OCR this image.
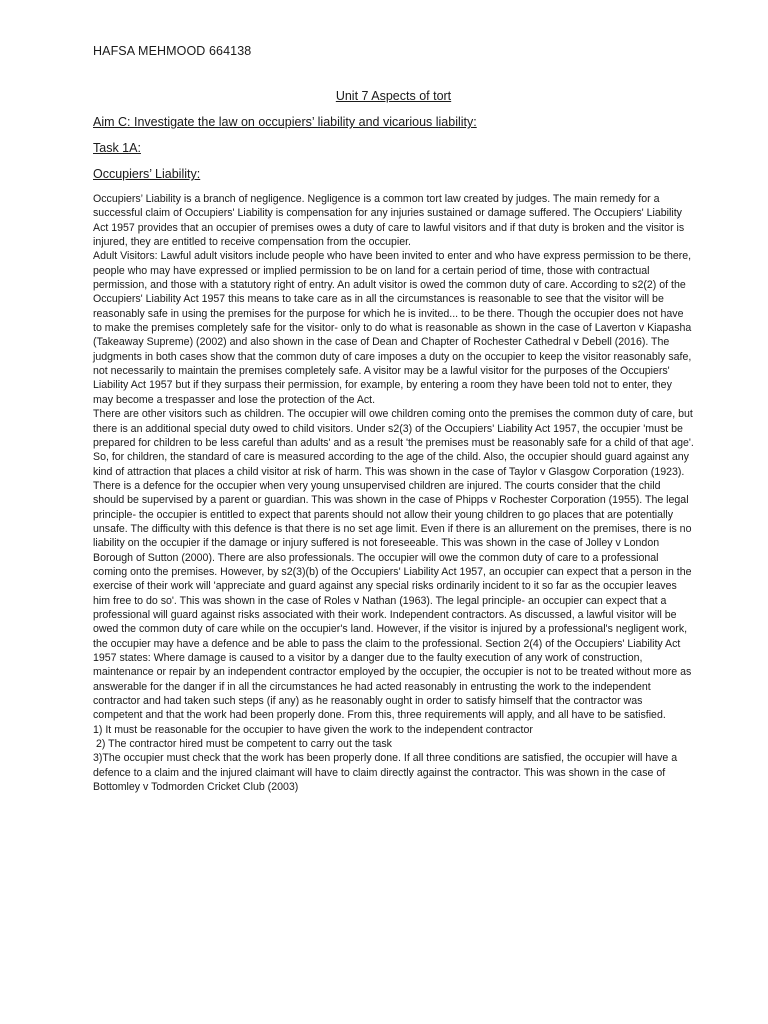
HAFSA MEHMOOD 664138

Unit 7 Aspects of tort

Aim C: Investigate the law on occupiers’ liability and vicarious liability:

Task 1A:

Occupiers’ Liability:

Occupiers’ Liability is a branch of negligence. Negligence is a common tort law created by judges. The main remedy for a successful claim of Occupiers' Liability is compensation for any injuries sustained or damage suffered. The Occupiers' Liability Act 1957 provides that an occupier of premises owes a duty of care to lawful visitors and if that duty is broken and the visitor is injured, they are entitled to receive compensation from the occupier.

Adult Visitors: Lawful adult visitors include people who have been invited to enter and who have express permission to be there, people who may have expressed or implied permission to be on land for a certain period of time, those with contractual permission, and those with a statutory right of entry. An adult visitor is owed the common duty of care. According to s2(2) of the Occupiers' Liability Act 1957 this means to take care as in all the circumstances is reasonable to see that the visitor will be reasonably safe in using the premises for the purpose for which he is invited... to be there. Though the occupier does not have to make the premises completely safe for the visitor- only to do what is reasonable as shown in the case of Laverton v Kiapasha (Takeaway Supreme) (2002) and also shown in the case of Dean and Chapter of Rochester Cathedral v Debell (2016). The judgments in both cases show that the common duty of care imposes a duty on the occupier to keep the visitor reasonably safe, not necessarily to maintain the premises completely safe. A visitor may be a lawful visitor for the purposes of the Occupiers' Liability Act 1957 but if they surpass their permission, for example, by entering a room they have been told not to enter, they may become a trespasser and lose the protection of the Act.

There are other visitors such as children. The occupier will owe children coming onto the premises the common duty of care, but there is an additional special duty owed to child visitors. Under s2(3) of the Occupiers' Liability Act 1957, the occupier 'must be prepared for children to be less careful than adults' and as a result 'the premises must be reasonably safe for a child of that age'. So, for children, the standard of care is measured according to the age of the child. Also, the occupier should guard against any kind of attraction that places a child visitor at risk of harm. This was shown in the case of Taylor v Glasgow Corporation (1923). There is a defence for the occupier when very young unsupervised children are injured. The courts consider that the child should be supervised by a parent or guardian. This was shown in the case of Phipps v Rochester Corporation (1955). The legal principle- the occupier is entitled to expect that parents should not allow their young children to go places that are potentially unsafe. The difficulty with this defence is that there is no set age limit. Even if there is an allurement on the premises, there is no liability on the occupier if the damage or injury suffered is not foreseeable. This was shown in the case of Jolley v London Borough of Sutton (2000). There are also professionals. The occupier will owe the common duty of care to a professional coming onto the premises. However, by s2(3)(b) of the Occupiers' Liability Act 1957, an occupier can expect that a person in the exercise of their work will 'appreciate and guard against any special risks ordinarily incident to it so far as the occupier leaves him free to do so'. This was shown in the case of Roles v Nathan (1963). The legal principle- an occupier can expect that a professional will guard against risks associated with their work. Independent contractors. As discussed, a lawful visitor will be owed the common duty of care while on the occupier's land. However, if the visitor is injured by a professional's negligent work, the occupier may have a defence and be able to pass the claim to the professional. Section 2(4) of the Occupiers' Liability Act 1957 states: Where damage is caused to a visitor by a danger due to the faulty execution of any work of construction, maintenance or repair by an independent contractor employed by the occupier, the occupier is not to be treated without more as answerable for the danger if in all the circumstances he had acted reasonably in entrusting the work to the independent contractor and had taken such steps (if any) as he reasonably ought in order to satisfy himself that the contractor was competent and that the work had been properly done. From this, three requirements will apply, and all have to be satisfied.

1) It must be reasonable for the occupier to have given the work to the independent contractor

2) The contractor hired must be competent to carry out the task

3)The occupier must check that the work has been properly done. If all three conditions are satisfied, the occupier will have a defence to a claim and the injured claimant will have to claim directly against the contractor. This was shown in the case of Bottomley v Todmorden Cricket Club (2003)
